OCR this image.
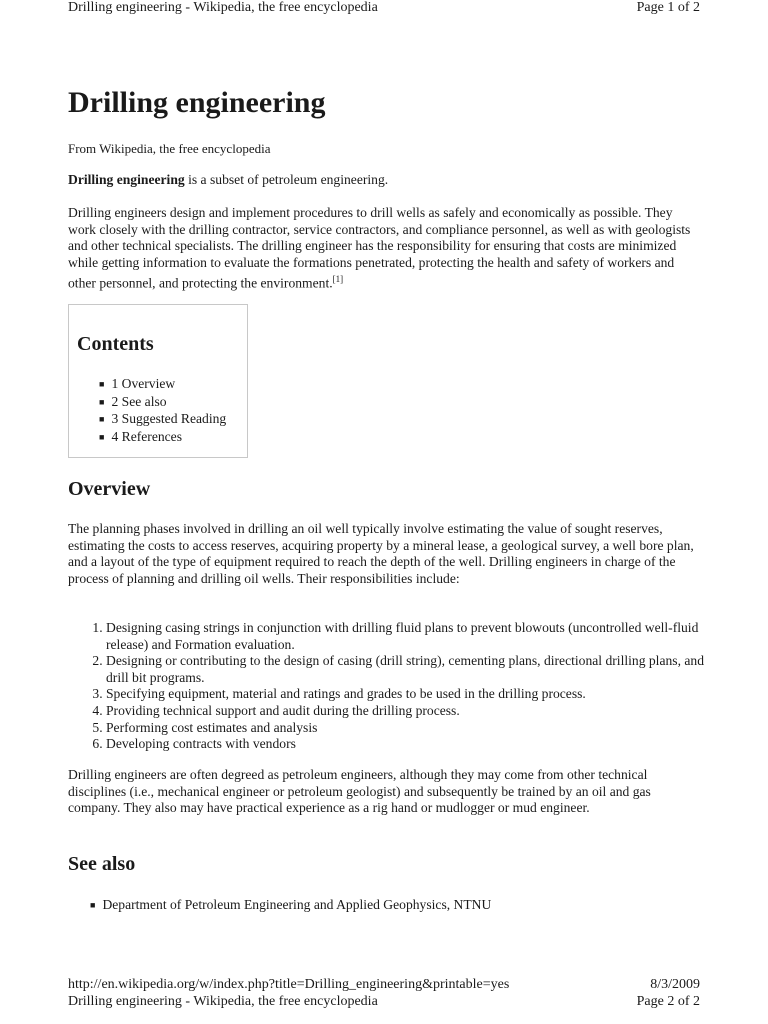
Drilling engineering - Wikipedia, the free encyclopedia	Page 1 of 2
Drilling engineering
From Wikipedia, the free encyclopedia

Drilling engineering is a subset of petroleum engineering.

Drilling engineers design and implement procedures to drill wells as safely and economically as possible. They work closely with the drilling contractor, service contractors, and compliance personnel, as well as with geologists and other technical specialists. The drilling engineer has the responsibility for ensuring that costs are minimized while getting information to evaluate the formations penetrated, protecting the health and safety of workers and other personnel, and protecting the environment.[1]

Contents
■ 1 Overview
■ 2 See also
■ 3 Suggested Reading
■ 4 References
Overview

The planning phases involved in drilling an oil well typically involve estimating the value of sought reserves, estimating the costs to access reserves, acquiring property by a mineral lease, a geological survey, a well bore plan, and a layout of the type of equipment required to reach the depth of the well. Drilling engineers in charge of the process of planning and drilling oil wells. Their responsibilities include:

1. Designing casing strings in conjunction with drilling fluid plans to prevent blowouts (uncontrolled well-fluid release) and Formation evaluation.
2. Designing or contributing to the design of casing (drill string), cementing plans, directional drilling plans, and drill bit programs.
3. Specifying equipment, material and ratings and grades to be used in the drilling process.
4. Providing technical support and audit during the drilling process.
5. Performing cost estimates and analysis
6. Developing contracts with vendors

Drilling engineers are often degreed as petroleum engineers, although they may come from other technical disciplines (i.e., mechanical engineer or petroleum geologist) and subsequently be trained by an oil and gas company. They also may have practical experience as a rig hand or mudlogger or mud engineer.

See also
■ Department of Petroleum Engineering and Applied Geophysics, NTNU
http://en.wikipedia.org/w/index.php?title=Drilling_engineering&printable=yes	8/3/2009
Drilling engineering - Wikipedia, the free encyclopedia	Page 2 of 2
